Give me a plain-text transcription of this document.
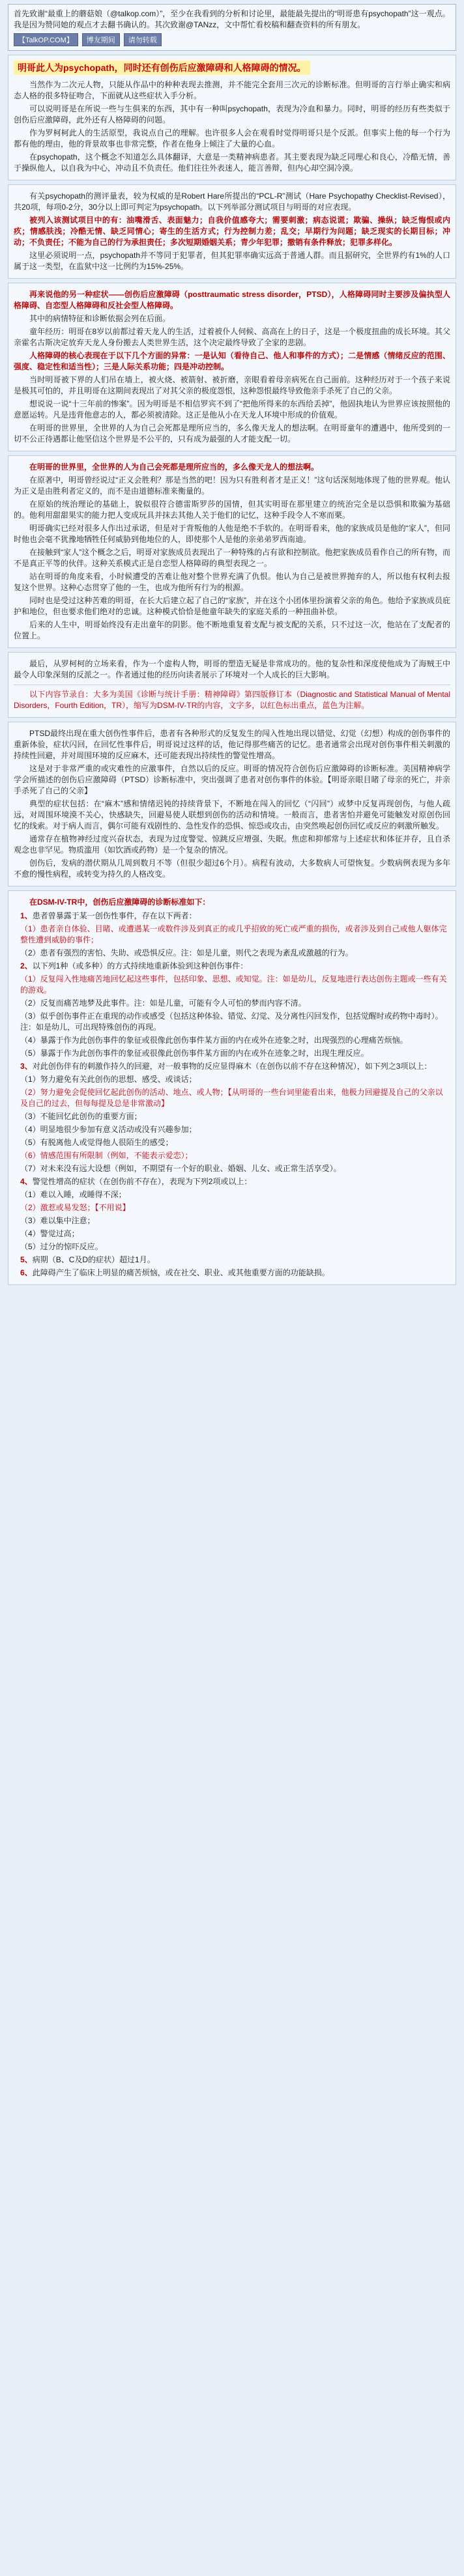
首先致谢“最重上的蘑菇娘（@talkop.com）”，至少在我看到的分析和讨论里，最能最先提出的“明哥患有psychopath”这一观点。我是因为赞同她的观点才去翻书确认的。其次致谢@TANzz，文中帮忙看校稿和翻查资料的所有朋友。

【TalkOP.COM】	博友期间	请勿转载
明哥此人为psychopath，同时还有创伤后应激障碍和人格障碍的情况。

当然作为二次元人物，只能从作品中的种种表现去推测，并不能完全套用三次元的诊断标准。但明哥的言行举止确实和病态人格的很多特征吻合，下面就从这些症状入手分析。

可以说明哥是在所说一些与生俱来的东西，其中有一种叫psychopath，表现为冷血和暴力。同时，明哥的经历有些类似于创伤后应激障碍，此外还有人格障碍的问题。

作为罗柯柯此人的生活原型，我说点自己的理解。也许很多人会在观看时觉得明哥只是个反派。但事实上他的每一个行为都有他的理由，他的背景故事也非常完整，作者在他身上倾注了大量的心血。

在psychopath，这个概念不知道怎么具体翻译，大意是一类精神病患者。其主要表现为缺乏同理心和良心，冷酷无情，善于操纵他人，以自我为中心，冲动且不负责任。他们往往外表迷人，能言善辩，但内心却空洞冷漠。

有关psychopath的测评量表，较为权威的是Robert Hare所提出的“PCL-R”测试（Hare Psychopathy Checklist-Revised），共20项，每项0-2分，30分以上即可判定为psychopath。以下列举部分测试项目与明哥的对应表现。

被列入该测试项目中的有：油嘴滑舌、表面魅力；自我价值感夸大；需要刺激；病态说谎；欺骗、操纵；缺乏悔恨或内疚；情感肤浅；冷酷无情、缺乏同情心；寄生的生活方式；行为控制力差；乱交；早期行为问题；缺乏现实的长期目标；冲动；不负责任；不能为自己的行为承担责任；多次短期婚姻关系；青少年犯罪；撤销有条件释放；犯罪多样化。

这里必须说明一点，psychopath并不等同于犯罪者，但其犯罪率确实远高于普通人群。而且据研究，全世界约有1%的人口属于这一类型，在监狱中这一比例约为15%-25%。

再来说他的另一种症状——创伤后应激障碍（posttraumatic stress disorder，PTSD），人格障碍同时主要涉及偏执型人格障碍、自恋型人格障碍和反社会型人格障碍。

其中的病情特征和诊断依据会列在后面。

童年经历：明哥在8岁以前都过着天龙人的生活，过着被仆人伺候、高高在上的日子，这是一个极度扭曲的成长环境。其父亲霍名古斯决定放弃天龙人身份搬去人类世界生活，这个决定最终导致了全家的悲剧。

人格障碍的核心表现在于以下几个方面的异常：一是认知（看待自己、他人和事件的方式）；二是情感（情绪反应的范围、强度、稳定性和适当性）；三是人际关系功能；四是冲动控制。

当时明哥被下界的人们吊在墙上，被火烧、被箭射、被折磨，亲眼看着母亲病死在自己面前。这种经历对于一个孩子来说是极其可怕的，并且明哥在这期间表现出了对其父亲的极度怨恨，这种怨恨最终导致他亲手杀死了自己的父亲。

想说说一说“十三年前的惨案”。因为明哥是不相信罗宾不到了“把他所得来的东西给丢掉”，他固执地认为世界应该按照他的意愿运转。凡是违背他意志的人，都必须被清除。这正是他从小在天龙人环境中形成的价值观。

在明哥的世界里，全世界的人为自己会死都是理所应当的，多么像天龙人的想法啊。在明哥童年的遭遇中，他所受到的一切不公正待遇都让他坚信这个世界是不公平的，只有成为最强的人才能支配一切。

在明哥的世界里，全世界的人为自己会死都是理所应当的，多么像天龙人的想法啊。

在原著中，明哥曾经说过“正义会胜利？那是当然的吧！因为只有胜利者才是正义！”这句话深刻地体现了他的世界观。他认为正义是由胜利者定义的，而不是由道德标准来衡量的。

在原始的统治理论的基础上，貌似很符合德雷斯罗莎的国情，但其实明哥在那里建立的统治完全是以恐惧和欺骗为基础的。他利用甜甜果实的能力把人变成玩具并抹去其他人关于他们的记忆，这种手段令人不寒而栗。

明哥确实已经对很多人作出过承诺，但是对于背叛他的人他是绝不手软的。在明哥看来，他的家族成员是他的“家人”，但同时他也会毫不犹豫地牺牲任何威胁到他地位的人，即使那个人是他的亲弟弟罗西南迪。

在接触到“家人”这个概念之后，明哥对家族成员表现出了一种特殊的占有欲和控制欲。他把家族成员看作自己的所有物，而不是真正平等的伙伴。这种关系模式正是自恋型人格障碍的典型表现之一。

站在明哥的角度来看，小时候遭受的苦难让他对整个世界充满了仇恨。他认为自己是被世界抛弃的人，所以他有权利去报复这个世界。这种心态贯穿了他的一生，也成为他所有行为的根源。

同时也是受过这种苦难的明哥，在长大后建立起了自己的“家族”，并在这个小团体里扮演着父亲的角色。他给予家族成员庇护和地位，但也要求他们绝对的忠诚。这种模式恰恰是他童年缺失的家庭关系的一种扭曲补偿。

后来的人生中，明哥始终没有走出童年的阴影。他不断地重复着支配与被支配的关系，只不过这一次，他站在了支配者的位置上。

最后，从罗柯柯的立场来看，作为一个虚构人物，明哥的塑造无疑是非常成功的。他的复杂性和深度使他成为了海贼王中最令人印象深刻的反派之一。作者通过他的经历向读者展示了环境对一个人成长的巨大影响。

以下内容节录自：大多为美国《诊断与统计手册：精神障碍》第四版修订本（Diagnostic and Statistical Manual of Mental Disorders，Fourth Edition，TR），缩写为DSM-IV-TR的内容，文字多，以红色标出重点，蓝色为注解。

PTSD最终出现在重大创伤性事件后，患者有各种形式的反复发生的闯入性地出现以错觉、幻觉（幻想）构成的创伤事件的重新体验，症状闪回，在回忆性事件后，明哥说过这样的话，他记得那些痛苦的记忆。患者通常会出现对创伤事件相关刺激的持续性回避，并对周围环境的反应麻木，还可能表现出持续性的警觉性增高。

这是对于非常严重的或灾难性的应激事件，自然以后的反应。明哥的情况符合创伤后应激障碍的诊断标准。美国精神病学学会所描述的创伤后应激障碍（PTSD）诊断标准中，突出强调了患者对创伤事件的体验。【明哥亲眼目睹了母亲的死亡，并亲手杀死了自己的父亲】

典型的症状包括：在“麻木”感和情绪迟钝的持续背景下，不断地在闯入的回忆（“闪回”）或梦中反复再现创伤，与他人疏远，对周围环境漠不关心，快感缺失，回避易使人联想到创伤的活动和情境。一般而言，患者害怕并避免可能触发对原创伤回忆的线索。对于病人而言，偶尔可能有戏剧性的、急性发作的恐惧、惊恐或攻击，由突然唤起创伤回忆或反应的刺激所触发。

通常存在植物神经过度兴奋状态，表现为过度警觉、惊跳反应增强、失眠。焦虑和抑郁常与上述症状和体征并存，且自杀观念也非罕见。物质滥用（如饮酒或药物）是一个复杂的情况。

创伤后，发病的潜伏期从几周到数月不等（但很少超过6个月）。病程有波动，大多数病人可望恢复。少数病例表现为多年不愈的慢性病程，或转变为持久的人格改变。

在DSM-IV-TR中，创伤后应激障碍的诊断标准如下：

1、患者曾暴露于某一创伤性事件，存在以下两者：
（1）患者亲自体验、目睹、或遭遇某一或数件涉及到真正的或几乎招致的死亡或严重的损伤，或者涉及到自己或他人躯体完整性遭到威胁的事件；
（2）患者有强烈的害怕、失助、或恐惧反应。注：如是儿童，则代之表现为紊乱或激越的行为。
2、以下列1种（或多种）的方式持续地重新体验到这种创伤事件：
（1）反复闯入性地痛苦地回忆起这些事件，包括印象、思想、或知觉。注：如是幼儿，反复地进行表达创伤主题或一些有关的游戏。
（2）反复而痛苦地梦及此事件。注：如是儿童，可能有令人可怕的梦而内容不清。
（3）似乎创伤事件正在重现的动作或感受（包括这种体验、错觉、幻觉、及分离性闪回发作，包括觉醒时或药物中毒时）。注：如是幼儿，可出现特殊创伤的再现。
（4）暴露于作为此创伤事件的象征或很像此创伤事件某方面的内在或外在迹象之时，出现强烈的心理痛苦烦恼。
（5）暴露于作为此创伤事件的象征或很像此创伤事件某方面的内在或外在迹象之时，出现生理反应。
3、对此创伤伴有的刺激作持久的回避，对一般事物的反应显得麻木（在创伤以前不存在这种情况），如下列之3项以上：
（1）努力避免有关此创伤的思想、感受、或谈话；
（2）努力避免会促使回忆起此创伤的活动、地点、或人物；【从明哥的一些台词里能看出来，他极力回避提及自己的父亲以及自己的过去，但每每提及总是非常激动】
（3）不能回忆此创伤的重要方面；
（4）明显地很少参加有意义活动或没有兴趣参加；
（5）有脱离他人或觉得他人很陌生的感受；
（6）情感范围有所限制（例如，不能表示爱恋）；
（7）对未来没有远大设想（例如，不期望有一个好的职业、婚姻、儿女、或正常生活享受）。
4、警觉性增高的症状（在创伤前不存在），表现为下列2项或以上：
（1）难以入睡，或睡得不深；
（2）激惹或易发怒；【不用说】
（3）难以集中注意；
（4）警觉过高；
（5）过分的惊吓反应。
5、病期（B、C及D的症状）超过1月。
6、此障碍产生了临床上明显的痛苦烦恼，或在社交、职业、或其他重要方面的功能缺损。
